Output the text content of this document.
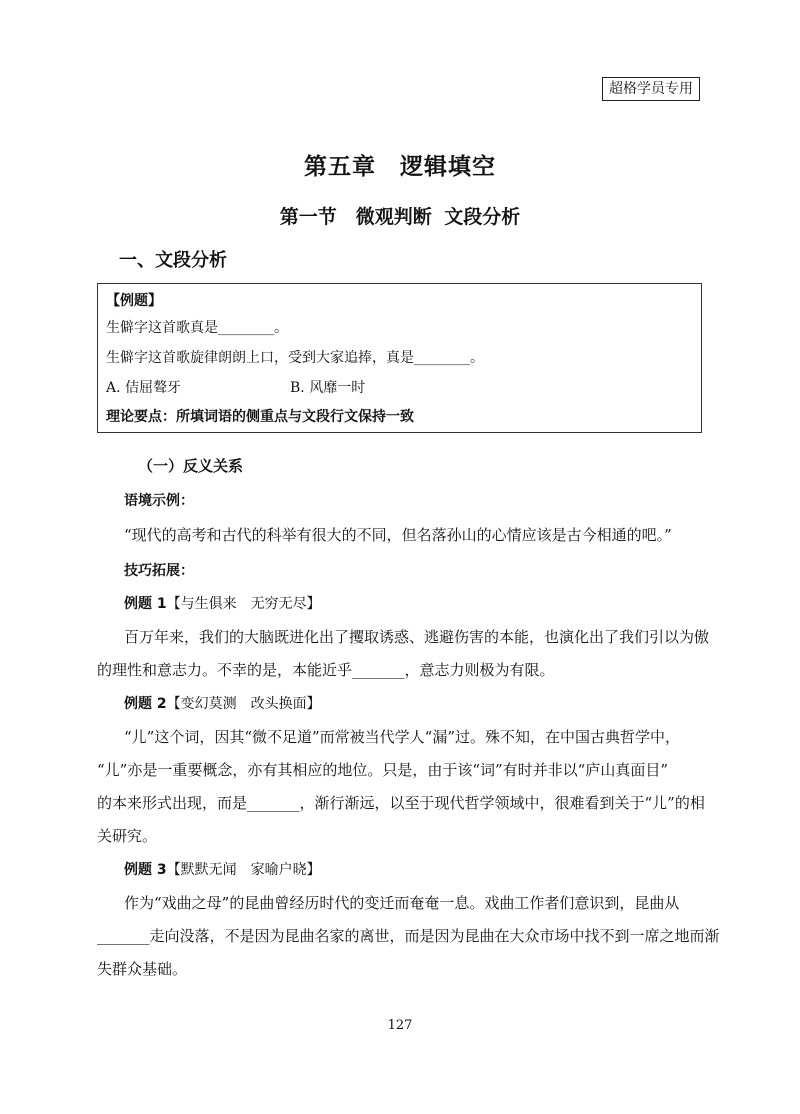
超格学员专用
第五章　逻辑填空
第一节　微观判断 文段分析
一、文段分析
【例题】
生僻字这首歌真是________。
生僻字这首歌旋律朗朗上口，受到大家追捧，真是________。
A. 佶屈聱牙	B. 风靡一时
理论要点：所填词语的侧重点与文段行文保持一致
（一）反义关系
语境示例：
“现代的高考和古代的科举有很大的不同，但名落孙山的心情应该是古今相通的吧。”
技巧拓展：
例题 1【与生俱来　无穷无尽】
百万年来，我们的大脑既进化出了攫取诱惑、逃避伤害的本能，也演化出了我们引以为傲
的理性和意志力。不幸的是，本能近乎_______，意志力则极为有限。
例题 2【变幻莫测　改头换面】
“儿”这个词，因其“微不足道”而常被当代学人“漏”过。殊不知，在中国古典哲学中，
“儿”亦是一重要概念，亦有其相应的地位。只是，由于该“词”有时并非以“庐山真面目”
的本来形式出现，而是_______，渐行渐远，以至于现代哲学领域中，很难看到关于“儿”的相
关研究。
例题 3【默默无闻　家喻户晓】
作为“戏曲之母”的昆曲曾经历时代的变迁而奄奄一息。戏曲工作者们意识到，昆曲从
_______走向没落，不是因为昆曲名家的离世，而是因为昆曲在大众市场中找不到一席之地而渐
失群众基础。
127
